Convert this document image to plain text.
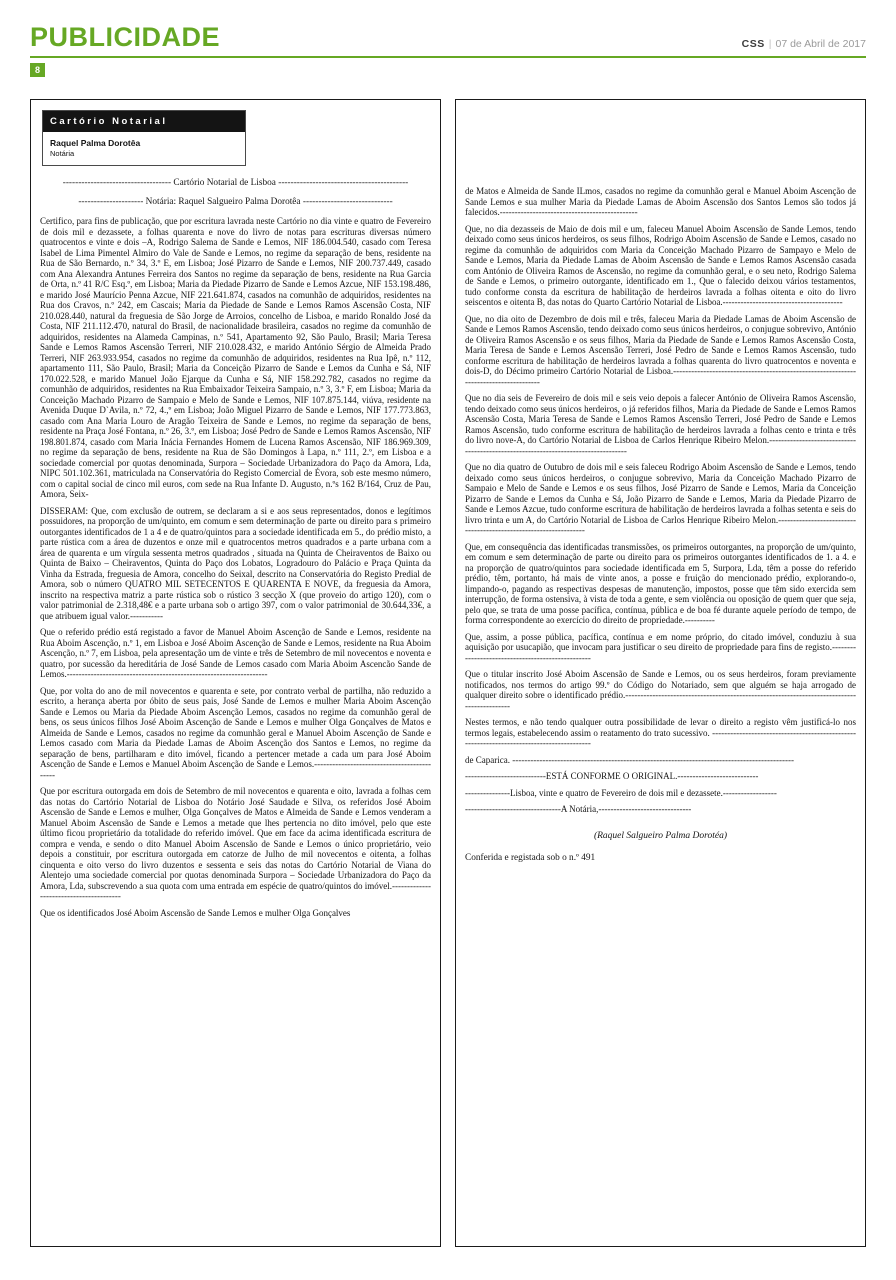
PUBLICIDADE	CSS | 07 de Abril de 2017
8
Cartório Notarial
Raquel Palma Dorotêa
Notária

----------------------------------- Cartório Notarial de Lisboa ------------------------------------------

--------------------- Notária: Raquel Salgueiro Palma Dorotêa -----------------------------

Certifico, para fins de publicação, que por escritura lavrada neste Cartório no dia vinte e quatro de Fevereiro de dois mil e dezassete, a folhas quarenta e nove do livro de notas para escrituras diversas número quatrocentos e vinte e dois –A, Rodrigo Salema de Sande e Lemos, NIF 186.004.540, casado com Teresa Isabel de Lima Pimentel Almiro do Vale de Sande e Lemos, no regime da separação de bens, residente na Rua de São Bernardo, n.º 34, 3.º E, em Lisboa; José Pizarro de Sande e Lemos, NIF 200.737.449, casado com Ana Alexandra Antunes Ferreira dos Santos no regime da separação de bens, residente na Rua Garcia de Orta, n.º 41 R/C Esq.º, em Lisboa; Maria da Piedade Pizarro de Sande e Lemos Azcue, NIF 153.198.486, e marido José Maurício Penna Azcue, NIF 221.641.874, casados na comunhão de adquiridos, residentes na Rua dos Cravos, n.º 242, em Cascais; Maria da Piedade de Sande e Lemos Ramos Ascensão Costa, NIF 210.028.440, natural da freguesia de São Jorge de Arroios, concelho de Lisboa, e marido Ronaldo José da Costa, NIF 211.112.470, natural do Brasil, de nacionalidade brasileira, casados no regime da comunhão de adquiridos, residentes na Alameda Campinas, n.º 541, Apartamento 92, São Paulo, Brasil; Maria Teresa Sande e Lemos Ramos Ascensão Terreri, NIF 210.028.432, e marido António Sérgio de Almeida Prado Terreri, NIF 263.933.954, casados no regime da comunhão de adquiridos, residentes na Rua Ipê, n.º 112, apartamento 111, São Paulo, Brasil; Maria da Conceição Pizarro de Sande e Lemos da Cunha e Sá, NIF 170.022.528, e marido Manuel João Ejarque da Cunha e Sá, NIF 158.292.782, casados no regime da comunhão de adquiridos, residentes na Rua Embaixador Teixeira Sampaio, n.º 3, 3.º F, em Lisboa; Maria da Conceição Machado Pizarro de Sampaio e Melo de Sande e Lemos, NIF 107.875.144, viúva, residente na Avenida Duque D`Avila, n.º 72, 4.,º em Lisboa; João Miguel Pizarro de Sande e Lemos, NIF 177.773.863, casado com Ana Maria Louro de Aragão Teixeira de Sande e Lemos, no regime da separação de bens, residente na Praça José Fontana, n.º 26, 3.º, em Lisboa; José Pedro de Sande e Lemos Ramos Ascensão, NIF 198.801.874, casado com Maria Inácia Fernandes Homem de Lucena Ramos Ascensão, NIF 186.969.309, no regime da separação de bens, residente na Rua de São Domingos à Lapa, n.º 111, 2.º, em Lisboa e a sociedade comercial por quotas denominada, Surpora – Sociedade Urbanizadora do Paço da Amora, Lda, NIPC 501.102.361, matriculada na Conservatória do Registo Comercial de Évora, sob este mesmo número, com o capital social de cinco mil euros, com sede na Rua Infante D. Augusto, n.ºs 162 B/164, Cruz de Pau, Amora, Seix-

DISSERAM: Que, com exclusão de outrem, se declaram a si e aos seus representados, donos e legítimos possuidores, na proporção de um/quinto, em comum e sem determinação de parte ou direito para s primeiro outorgantes identificados de 1 a 4 e de quatro/quintos para a sociedade identificada em 5., do prédio misto, a parte rústica com a área de duzentos e onze mil e quatrocentos metros quadrados e a parte urbana com a área de quarenta e um vírgula sessenta metros quadrados , situada na Quinta de Cheiraventos de Baixo ou Quinta de Baixo – Cheiraventos, Quinta do Paço dos Lobatos, Logradouro do Palácio e Praça Quinta da Vinha da Estrada, freguesia de Amora, concelho do Seixal, descrito na Conservatória do Registo Predial de Amora, sob o número QUATRO MIL SETECENTOS E QUARENTA E NOVE, da freguesia da Amora, inscrito na respectiva matriz a parte rústica sob o rústico 3 secção X (que proveio do artigo 120), com o valor patrimonial de 2.318,48€ e a parte urbana sob o artigo 397, com o valor patrimonial de 30.644,33€, a que atribuem igual valor.-----------

Que o referido prédio está registado a favor de Manuel Aboim Ascenção de Sande e Lemos, residente na Rua Aboim Ascenção, n.º 1, em Lisboa e José Aboim Ascenção de Sande e Lemos, residente na Rua Aboim Ascenção, n.º 7, em Lisboa, pela apresentação um de vinte e três de Setembro de mil novecentos e noventa e quatro, por sucessão da hereditária de José Sande de Lemos casado com Maria Aboim Ascencão Sande de Lemos.-------------------------------------------------------------------

Que, por volta do ano de mil novecentos e quarenta e sete, por contrato verbal de partilha, não reduzido a escrito, a herança aberta por óbito de seus pais, José Sande de Lemos e mulher Maria Aboim Ascenção Sande e Lemos ou Maria da Piedade Aboim Ascenção Lemos, casados no regime da comunhão geral de bens, os seus únicos filhos José Aboim Ascenção de Sande e Lemos e mulher Olga Gonçalves de Matos e Almeida de Sande e Lemos, casados no regime da comunhão geral e Manuel Aboim Ascenção de Sande e Lemos casado com Maria da Piedade Lamas de Aboim Ascenção dos Santos e Lemos, no regime da separação de bens, partilharam e dito imóvel, ficando a pertencer metade a cada um para José Aboim Ascenção de Sande e Lemos e Manuel Aboim Ascenção de Sande e Lemos.--------------------------------------------

Que por escritura outorgada em dois de Setembro de mil novecentos e quarenta e oito, lavrada a folhas cem das notas do Cartório Notarial de Lisboa do Notário José Saudade e Silva, os referidos José Aboim Ascensão de Sande e Lemos e mulher, Olga Gonçalves de Matos e Almeida de Sande e Lemos venderam a Manuel Aboim Ascensão de Sande e Lemos a metade que lhes pertencia no dito imóvel, pelo que este último ficou proprietário da totalidade do referido imóvel. Que em face da acima identificada escritura de compra e venda, e sendo o dito Manuel Aboim Ascensão de Sande e Lemos o único proprietário, veio depois a constituir, por escritura outorgada em catorze de Julho de mil novecentos e oitenta, a folhas cinquenta e oito verso do livro duzentos e sessenta e seis das notas do Cartório Notarial de Viana do Alentejo uma sociedade comercial por quotas denominada Surpora – Sociedade Urbanizadora do Paço da Amora, Lda, subscrevendo a sua quota com uma entrada em espécie de quatro/quintos do imóvel.----------------------------------------

Que os identificados José Aboim Ascensão de Sande Lemos e mulher Olga Gonçalves

de Matos e Almeida de Sande ILmos, casados no regime da comunhão geral e Manuel Aboim Ascenção de Sande Lemos e sua mulher Maria da Piedade Lamas de Aboim Ascensão dos Santos Lemos são todos já falecidos.----------------------------------------------

Que, no dia dezasseis de Maio de dois mil e um, faleceu Manuel Aboim Ascensão de Sande Lemos, tendo deixado como seus únicos herdeiros, os seus filhos, Rodrigo Aboim Ascensão de Sande e Lemos, casado no regime da comunhão de adquiridos com Maria da Conceição Machado Pizarro de Sampayo e Melo de Sande e Lemos, Maria da Piedade Lamas de Aboim Ascensão de Sande e Lemos Ramos Ascensão casada com António de Oliveira Ramos de Ascensão, no regime da comunhão geral, e o seu neto, Rodrigo Salema de Sande e Lemos, o primeiro outorgante, identificado em 1., Que o falecido deixou vários testamentos, tudo conforme consta da escritura de habilitação de herdeiros lavrada a folhas oitenta e oito do livro seiscentos e oitenta B, das notas do Quarto Cartório Notarial de Lisboa.----------------------------------------

Que, no dia oito de Dezembro de dois mil e três, faleceu Maria da Piedade Lamas de Aboim Ascensão de Sande e Lemos Ramos Ascensão, tendo deixado como seus únicos herdeiros, o conjugue sobrevivo, António de Oliveira Ramos Ascensão e os seus filhos, Maria da Piedade de Sande e Lemos Ramos Ascensão Costa, Maria Teresa de Sande e Lemos Ascensão Terreri, José Pedro de Sande e Lemos Ramos Ascensão, tudo conforme escritura de habilitação de herdeiros lavrada a folhas quarenta do livro quatrocentos e noventa e dois-D, do Décimo primeiro Cartório Notarial de Lisboa.--------------------------------------------------------------------------------------

Que no dia seis de Fevereiro de dois mil e seis veio depois a falecer António de Oliveira Ramos Ascensão, tendo deixado como seus únicos herdeiros, o já referidos filhos, Maria da Piedade de Sande e Lemos Ramos Ascensão Costa, Maria Teresa de Sande e Lemos Ramos Ascensão Terreri, José Pedro de Sande e Lemos Ramos Ascensão, tudo conforme escritura de habilitação de herdeiros lavrada a folhas cento e trinta e três do livro nove-A, do Cartório Notarial de Lisboa de Carlos Henrique Ribeiro Melon.-----------------------------------------------------------------------------------

Que no dia quatro de Outubro de dois mil e seis faleceu Rodrigo Aboim Ascensão de Sande e Lemos, tendo deixado como seus únicos herdeiros, o conjugue sobrevivo, Maria da Conceição Machado Pizarro de Sampaio e Melo de Sande e Lemos e os seus filhos, José Pizarro de Sande e Lemos, Maria da Conceição Pizarro de Sande e Lemos da Cunha e Sá, João Pizarro de Sande e Lemos, Maria da Piedade Pizarro de Sande e Lemos Azcue, tudo conforme escritura de habilitação de herdeiros lavrada a folhas setenta e seis do livro trinta e um A, do Cartório Notarial de Lisboa de Carlos Henrique Ribeiro Melon.------------------------------------------------------------------

Que, em consequência das identificadas transmissões, os primeiros outorgantes, na proporção de um/quinto, em comum e sem determinação de parte ou direito para os primeiros outorgantes identificados de 1. a 4. e na proporção de quatro/quintos para sociedade identificada em 5, Surpora, Lda, têm a posse do referido prédio, têm, portanto, há mais de vinte anos, a posse e fruição do mencionado prédio, explorando-o, limpando-o, pagando as respectivas despesas de manutenção, impostos, posse que têm sido exercida sem interrupção, de forma ostensiva, à vista de toda a gente, e sem violência ou oposição de quem quer que seja, pelo que, se trata de uma posse pacífica, contínua, pública e de boa fé durante aquele período de tempo, de forma correspondente ao exercício do direito de propriedade.----------

Que, assim, a posse pública, pacífica, contínua e em nome próprio, do citado imóvel, conduziu à sua aquisição por usucapião, que invocam para justificar o seu direito de propriedade para fins de registo.--------------------------------------------------

Que o titular inscrito José Aboim Ascensão de Sande e Lemos, ou os seus herdeiros, foram previamente notificados, nos termos do artigo 99.º do Código do Notariado, sem que alguém se haja arrogado de qualquer direito sobre o identificado prédio.--------------------------------------------------------------------------------------------

Nestes termos, e não tendo qualquer outra possibilidade de levar o direito a registo vêm justificá-lo nos termos legais, estabelecendo assim o reatamento do trato sucessivo. ------------------------------------------------------------------------------------------

de Caparica. ----------------------------------------------------------------------------------------------

---------------------------ESTÁ CONFORME O ORIGINAL.---------------------------

---------------Lisboa, vinte e quatro de Fevereiro de dois mil e dezassete.------------------

--------------------------------A Notária,-------------------------------

(Raquel Salgueiro Palma Dorotéa)

Conferida e registada sob o n.º 491
